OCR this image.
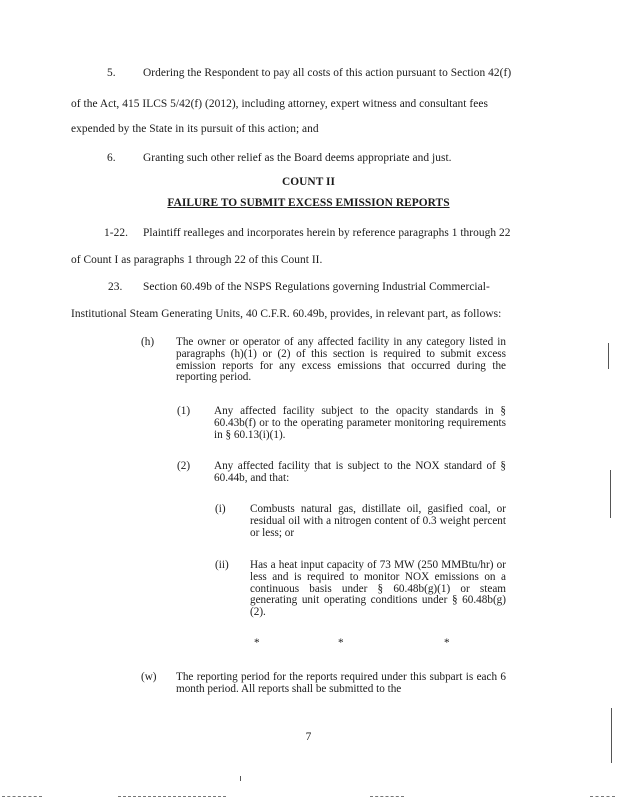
5. Ordering the Respondent to pay all costs of this action pursuant to Section 42(f)
of the Act, 415 ILCS 5/42(f) (2012), including attorney, expert witness and consultant fees
expended by the State in its pursuit of this action; and
6. Granting such other relief as the Board deems appropriate and just.
COUNT II
FAILURE TO SUBMIT EXCESS EMISSION REPORTS
1-22. Plaintiff realleges and incorporates herein by reference paragraphs 1 through 22
of Count I as paragraphs 1 through 22 of this Count II.
23. Section 60.49b of the NSPS Regulations governing Industrial Commercial-
Institutional Steam Generating Units, 40 C.F.R. 60.49b, provides, in relevant part, as follows:
(h) The owner or operator of any affected facility in any category listed in paragraphs (h)(1) or (2) of this section is required to submit excess emission reports for any excess emissions that occurred during the reporting period.
(1) Any affected facility subject to the opacity standards in § 60.43b(f) or to the operating parameter monitoring requirements in § 60.13(i)(1).
(2) Any affected facility that is subject to the NOX standard of § 60.44b, and that:
(i) Combusts natural gas, distillate oil, gasified coal, or residual oil with a nitrogen content of 0.3 weight percent or less; or
(ii) Has a heat input capacity of 73 MW (250 MMBtu/hr) or less and is required to monitor NOX emissions on a continuous basis under § 60.48b(g)(1) or steam generating unit operating conditions under § 60.48b(g)(2).
*	*	*
(w) The reporting period for the reports required under this subpart is each 6 month period. All reports shall be submitted to the
7
